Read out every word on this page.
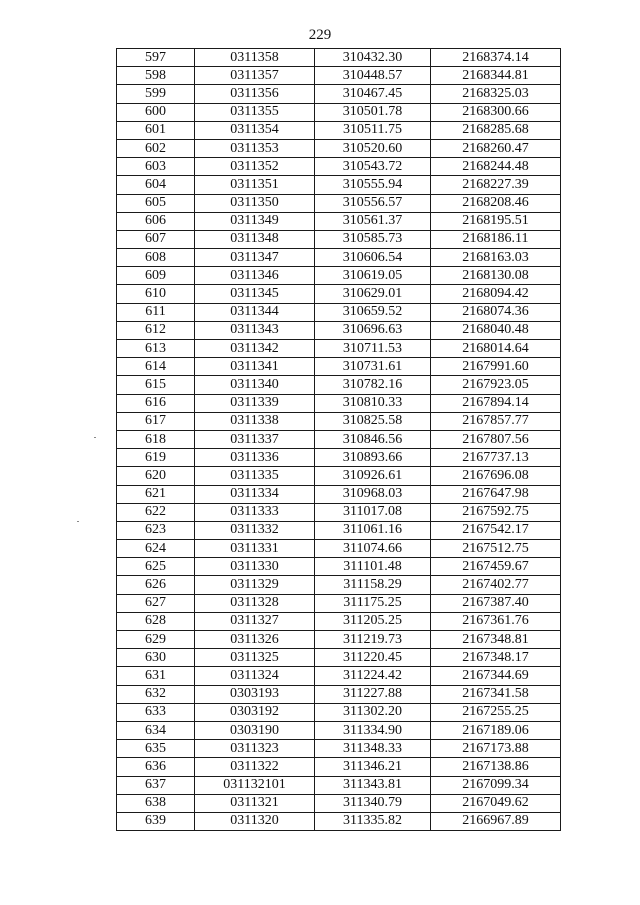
229
597	0311358	310432.30	2168374.14
598	0311357	310448.57	2168344.81
599	0311356	310467.45	2168325.03
600	0311355	310501.78	2168300.66
601	0311354	310511.75	2168285.68
602	0311353	310520.60	2168260.47
603	0311352	310543.72	2168244.48
604	0311351	310555.94	2168227.39
605	0311350	310556.57	2168208.46
606	0311349	310561.37	2168195.51
607	0311348	310585.73	2168186.11
608	0311347	310606.54	2168163.03
609	0311346	310619.05	2168130.08
610	0311345	310629.01	2168094.42
611	0311344	310659.52	2168074.36
612	0311343	310696.63	2168040.48
613	0311342	310711.53	2168014.64
614	0311341	310731.61	2167991.60
615	0311340	310782.16	2167923.05
616	0311339	310810.33	2167894.14
617	0311338	310825.58	2167857.77
618	0311337	310846.56	2167807.56
619	0311336	310893.66	2167737.13
620	0311335	310926.61	2167696.08
621	0311334	310968.03	2167647.98
622	0311333	311017.08	2167592.75
623	0311332	311061.16	2167542.17
624	0311331	311074.66	2167512.75
625	0311330	311101.48	2167459.67
626	0311329	311158.29	2167402.77
627	0311328	311175.25	2167387.40
628	0311327	311205.25	2167361.76
629	0311326	311219.73	2167348.81
630	0311325	311220.45	2167348.17
631	0311324	311224.42	2167344.69
632	0303193	311227.88	2167341.58
633	0303192	311302.20	2167255.25
634	0303190	311334.90	2167189.06
635	0311323	311348.33	2167173.88
636	0311322	311346.21	2167138.86
637	031132101	311343.81	2167099.34
638	0311321	311340.79	2167049.62
639	0311320	311335.82	2166967.89
